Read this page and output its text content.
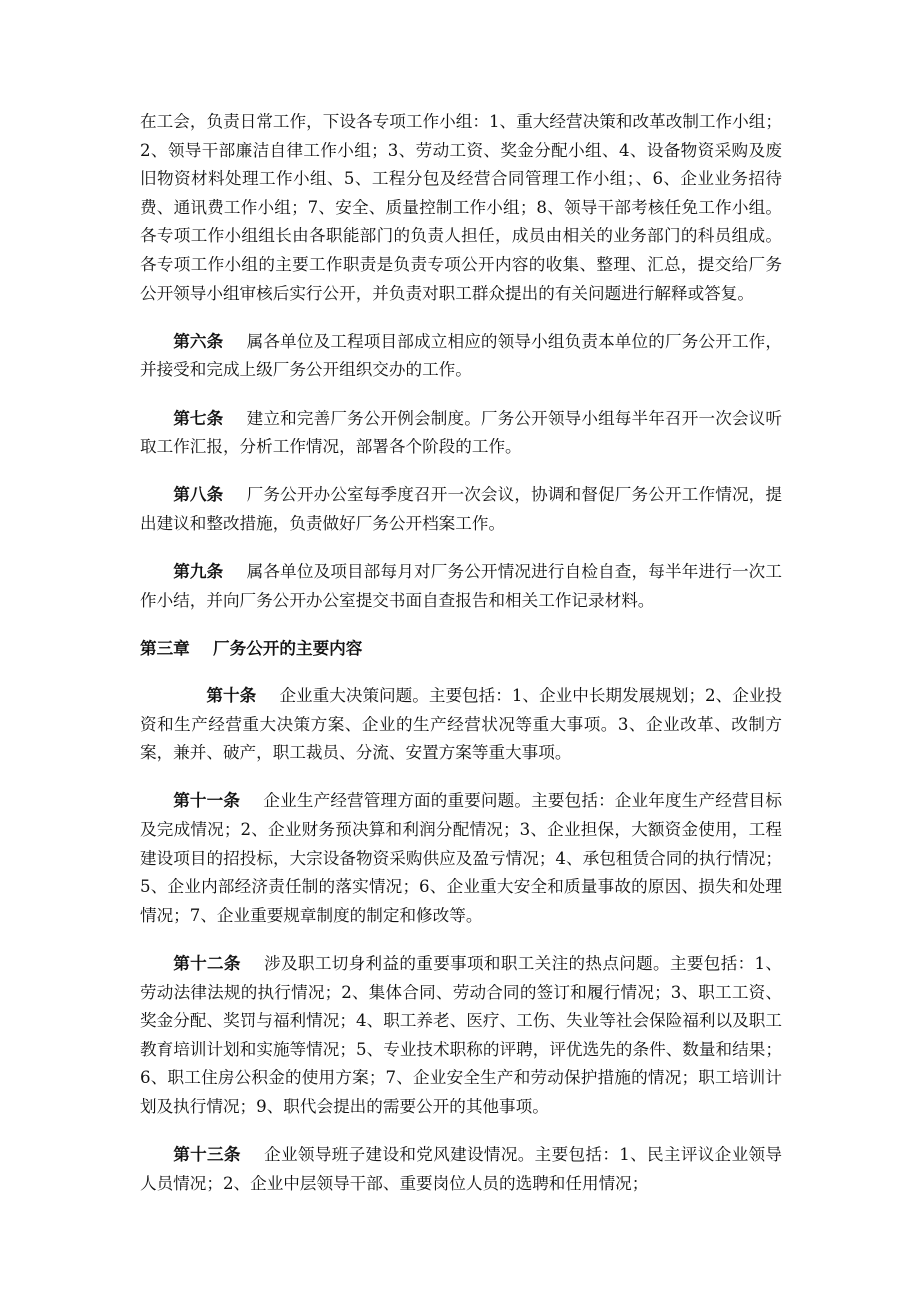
在工会，负责日常工作，下设各专项工作小组：1、重大经营决策和改革改制工作小组；2、领导干部廉洁自律工作小组；3、劳动工资、奖金分配小组、4、设备物资采购及废旧物资材料处理工作小组、5、工程分包及经营合同管理工作小组；、6、企业业务招待费、通讯费工作小组；7、安全、质量控制工作小组；8、领导干部考核任免工作小组。各专项工作小组组长由各职能部门的负责人担任，成员由相关的业务部门的科员组成。各专项工作小组的主要工作职责是负责专项公开内容的收集、整理、汇总，提交给厂务公开领导小组审核后实行公开，并负责对职工群众提出的有关问题进行解释或答复。

第六条 属各单位及工程项目部成立相应的领导小组负责本单位的厂务公开工作，并接受和完成上级厂务公开组织交办的工作。

第七条 建立和完善厂务公开例会制度。厂务公开领导小组每半年召开一次会议听取工作汇报，分析工作情况，部署各个阶段的工作。

第八条 厂务公开办公室每季度召开一次会议，协调和督促厂务公开工作情况，提出建议和整改措施，负责做好厂务公开档案工作。

第九条 属各单位及项目部每月对厂务公开情况进行自检自查，每半年进行一次工作小结，并向厂务公开办公室提交书面自查报告和相关工作记录材料。

第三章 厂务公开的主要内容

第十条 企业重大决策问题。主要包括：1、企业中长期发展规划；2、企业投资和生产经营重大决策方案、企业的生产经营状况等重大事项。3、企业改革、改制方案，兼并、破产，职工裁员、分流、安置方案等重大事项。

第十一条 企业生产经营管理方面的重要问题。主要包括：企业年度生产经营目标及完成情况；2、企业财务预决算和利润分配情况；3、企业担保，大额资金使用，工程建设项目的招投标，大宗设备物资采购供应及盈亏情况；4、承包租赁合同的执行情况；5、企业内部经济责任制的落实情况；6、企业重大安全和质量事故的原因、损失和处理情况；7、企业重要规章制度的制定和修改等。

第十二条 涉及职工切身利益的重要事项和职工关注的热点问题。主要包括：1、劳动法律法规的执行情况；2、集体合同、劳动合同的签订和履行情况；3、职工工资、奖金分配、奖罚与福利情况；4、职工养老、医疗、工伤、失业等社会保险福利以及职工教育培训计划和实施等情况；5、专业技术职称的评聘，评优选先的条件、数量和结果；6、职工住房公积金的使用方案；7、企业安全生产和劳动保护措施的情况；职工培训计划及执行情况；9、职代会提出的需要公开的其他事项。

第十三条 企业领导班子建设和党风建设情况。主要包括：1、民主评议企业领导人员情况；2、企业中层领导干部、重要岗位人员的选聘和任用情况；
